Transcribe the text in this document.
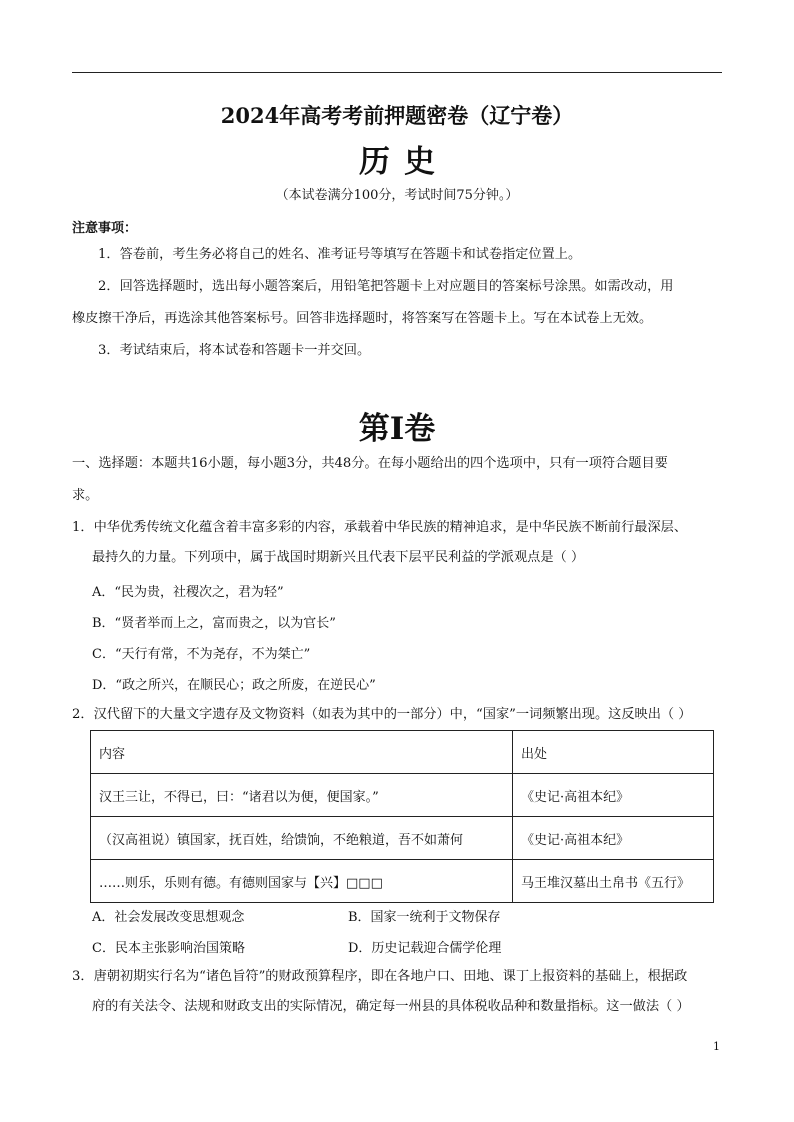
2024年高考考前押题密卷（辽宁卷）
历史
（本试卷满分100分，考试时间75分钟。）
注意事项：
1．答卷前，考生务必将自己的姓名、准考证号等填写在答题卡和试卷指定位置上。
2．回答选择题时，选出每小题答案后，用铅笔把答题卡上对应题目的答案标号涂黑。如需改动，用
橡皮擦干净后，再选涂其他答案标号。回答非选择题时，将答案写在答题卡上。写在本试卷上无效。
3．考试结束后，将本试卷和答题卡一并交回。
第I卷
一、选择题：本题共16小题，每小题3分，共48分。在每小题给出的四个选项中，只有一项符合题目要
求。
1．中华优秀传统文化蕴含着丰富多彩的内容，承载着中华民族的精神追求，是中华民族不断前行最深层、
最持久的力量。下列项中，属于战国时期新兴且代表下层平民利益的学派观点是（ ）
A．“民为贵，社稷次之，君为轻”
B．“贤者举而上之，富而贵之，以为官长”
C．“天行有常，不为尧存，不为桀亡”
D．“政之所兴，在顺民心；政之所废，在逆民心”
2．汉代留下的大量文字遗存及文物资料（如表为其中的一部分）中，“国家”一词频繁出现。这反映出（ ）
内容	出处
汉王三让，不得已，曰：“诸君以为便，便国家。”	《史记·高祖本纪》
（汉高祖说）镇国家，抚百姓，给馈饷，不绝粮道，吾不如萧何	《史记·高祖本纪》
……则乐，乐则有德。有德则国家与【兴】□□□	马王堆汉墓出土帛书《五行》
A．社会发展改变思想观念	B．国家一统利于文物保存
C．民本主张影响治国策略	D．历史记载迎合儒学伦理
3．唐朝初期实行名为“诸色旨符”的财政预算程序，即在各地户口、田地、课丁上报资料的基础上，根据政
府的有关法令、法规和财政支出的实际情况，确定每一州县的具体税收品种和数量指标。这一做法（ ）
1
